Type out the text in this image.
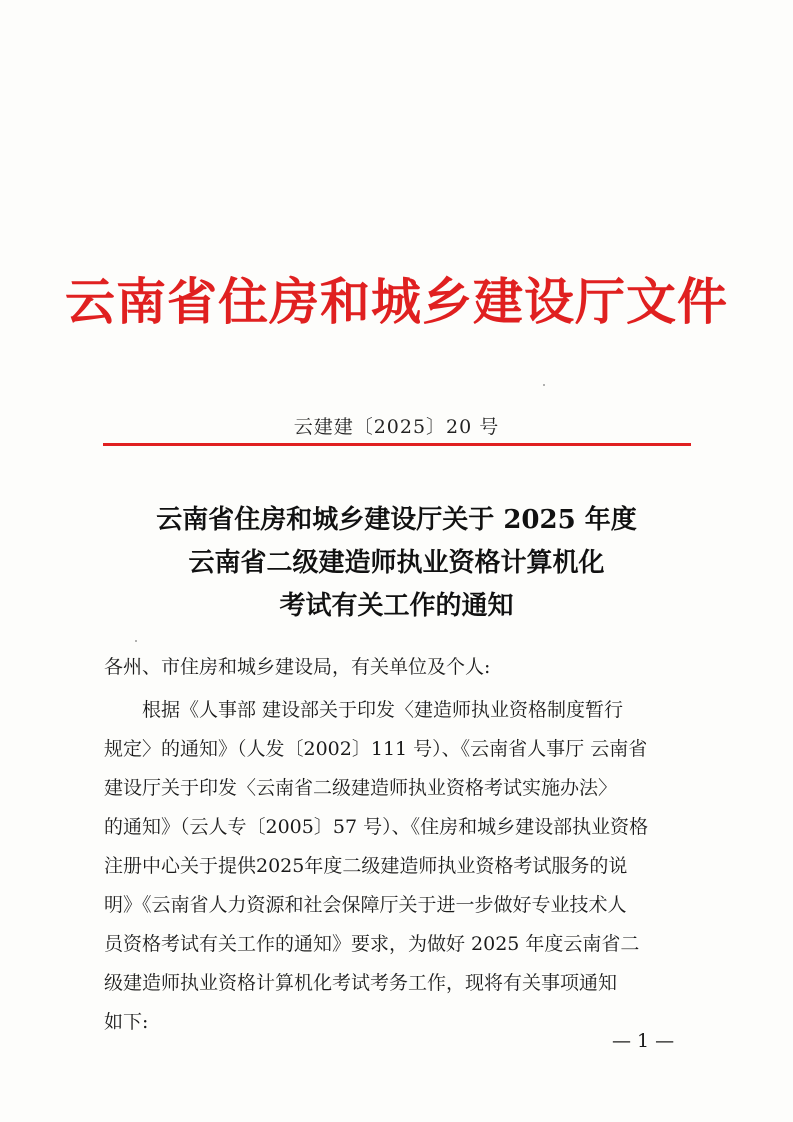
云南省住房和城乡建设厅文件
云建建〔2025〕20 号
云南省住房和城乡建设厅关于 2025 年度
云南省二级建造师执业资格计算机化
考试有关工作的通知
各州、市住房和城乡建设局，有关单位及个人:
根据《人事部 建设部关于印发〈建造师执业资格制度暂行
规定〉的通知》（人发〔2002〕111 号）、《云南省人事厅 云南省
建设厅关于印发〈云南省二级建造师执业资格考试实施办法〉
的通知》（云人专〔2005〕57 号）、《住房和城乡建设部执业资格
注册中心关于提供2025年度二级建造师执业资格考试服务的说
明》《云南省人力资源和社会保障厅关于进一步做好专业技术人
员资格考试有关工作的通知》要求，为做好 2025 年度云南省二
级建造师执业资格计算机化考试考务工作，现将有关事项通知
如下:
— 1 —
